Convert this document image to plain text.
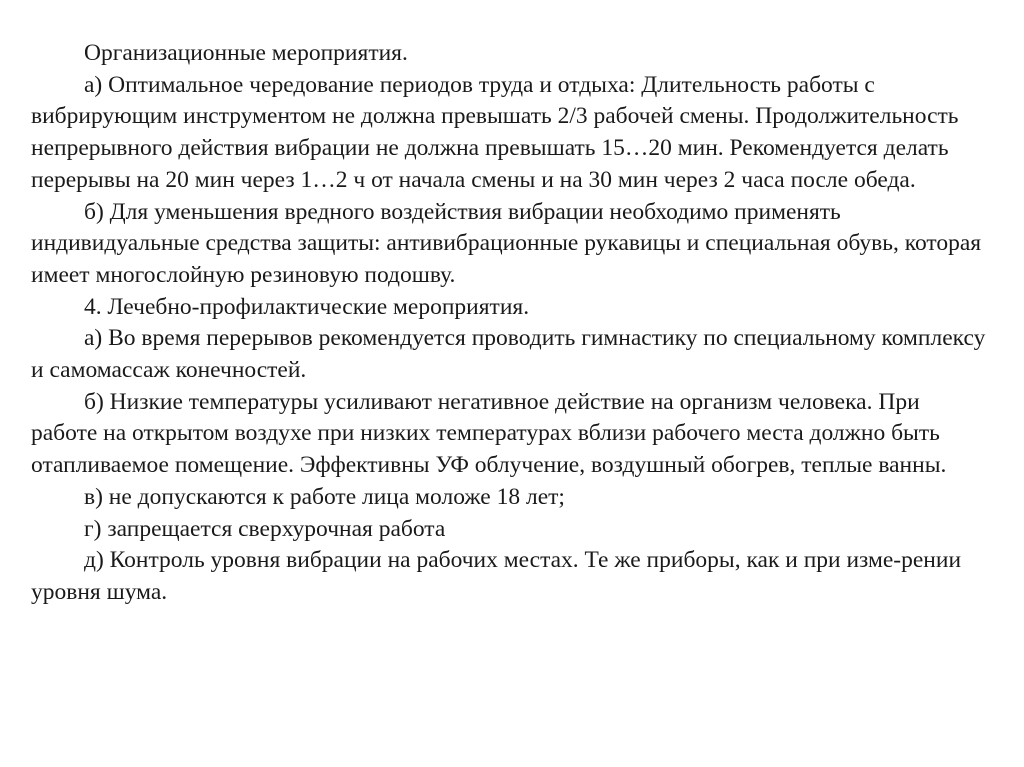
Организационные мероприятия.

а) Оптимальное чередование периодов труда и отдыха: Длительность работы с вибрирующим инструментом не должна превышать 2/3 рабочей смены. Продолжительность непрерывного действия вибрации не должна превышать 15…20 мин. Рекомендуется делать перерывы на 20 мин через 1…2 ч от начала смены и на 30 мин через 2 часа после обеда.

б) Для уменьшения вредного воздействия вибрации необходимо применять индивидуальные средства защиты: антивибрационные рукавицы и специальная обувь, которая имеет многослойную резиновую подошву.

4. Лечебно-профилактические мероприятия.

а) Во время перерывов рекомендуется проводить гимнастику по специальному комплексу и самомассаж конечностей.

б) Низкие температуры усиливают негативное действие на организм человека. При работе на открытом воздухе при низких температурах вблизи рабочего места должно быть отапливаемое помещение. Эффективны УФ облучение, воздушный обогрев, теплые ванны.

в) не допускаются к работе лица моложе 18 лет;

г) запрещается сверхурочная работа

д) Контроль уровня вибрации на рабочих местах. Те же приборы, как и при изме-рении уровня шума.
